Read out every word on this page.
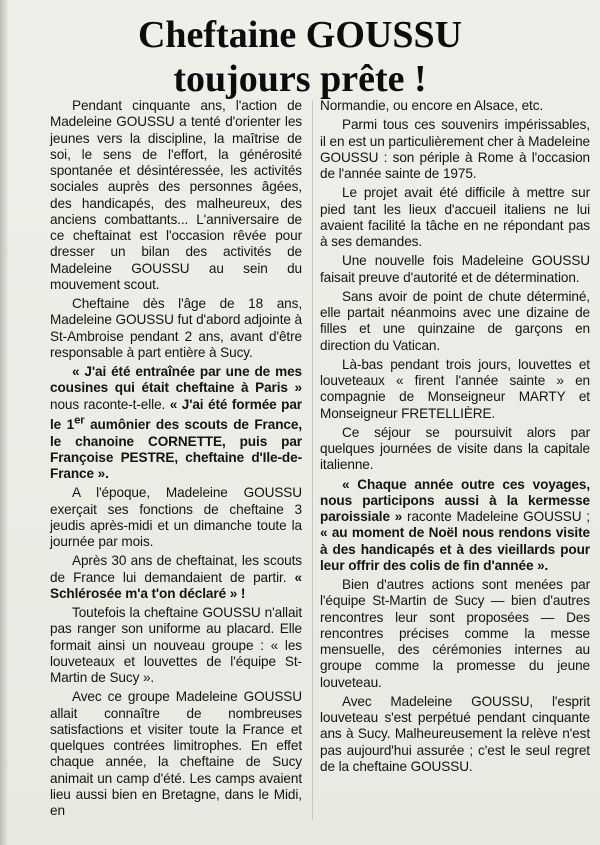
Cheftaine GOUSSU
toujours prête !

Pendant cinquante ans, l'action de Madeleine GOUSSU a tenté d'orienter les jeunes vers la discipline, la maîtrise de soi, le sens de l'effort, la générosité spontanée et désintéressée, les activités sociales auprès des personnes âgées, des handicapés, des malheureux, des anciens combattants... L'anniversaire de ce cheftainat est l'occasion rêvée pour dresser un bilan des activités de Madeleine GOUSSU au sein du mouvement scout.

Cheftaine dès l'âge de 18 ans, Madeleine GOUSSU fut d'abord adjointe à St-Ambroise pendant 2 ans, avant d'être responsable à part entière à Sucy.

« J'ai été entraînée par une de mes cousines qui était cheftaine à Paris » nous raconte-t-elle. « J'ai été formée par le 1er aumônier des scouts de France, le chanoine CORNETTE, puis par Françoise PESTRE, cheftaine d'Ile-de-France ».

A l'époque, Madeleine GOUSSU exerçait ses fonctions de cheftaine 3 jeudis après-midi et un dimanche toute la journée par mois.

Après 30 ans de cheftainat, les scouts de France lui demandaient de partir. « Schlérosée m'a t'on déclaré » !

Toutefois la cheftaine GOUSSU n'allait pas ranger son uniforme au placard. Elle formait ainsi un nouveau groupe : « les louveteaux et louvettes de l'équipe St-Martin de Sucy ».

Avec ce groupe Madeleine GOUSSU allait connaître de nombreuses satisfactions et visiter toute la France et quelques contrées limitrophes. En effet chaque année, la cheftaine de Sucy animait un camp d'été. Les camps avaient lieu aussi bien en Bretagne, dans le Midi, en

Normandie, ou encore en Alsace, etc.

Parmi tous ces souvenirs impérissables, il en est un particulièrement cher à Madeleine GOUSSU : son périple à Rome à l'occasion de l'année sainte de 1975.

Le projet avait été difficile à mettre sur pied tant les lieux d'accueil italiens ne lui avaient facilité la tâche en ne répondant pas à ses demandes.

Une nouvelle fois Madeleine GOUSSU faisait preuve d'autorité et de détermination.

Sans avoir de point de chute déterminé, elle partait néanmoins avec une dizaine de filles et une quinzaine de garçons en direction du Vatican.

Là-bas pendant trois jours, louvettes et louveteaux « firent l'année sainte » en compagnie de Monseigneur MARTY et Monseigneur FRETELLIÈRE.

Ce séjour se poursuivit alors par quelques journées de visite dans la capitale italienne.

« Chaque année outre ces voyages, nous participons aussi à la kermesse paroissiale » raconte Madeleine GOUSSU ; « au moment de Noël nous rendons visite à des handicapés et à des vieillards pour leur offrir des colis de fin d'année ».

Bien d'autres actions sont menées par l'équipe St-Martin de Sucy — bien d'autres rencontres leur sont proposées — Des rencontres précises comme la messe mensuelle, des cérémonies internes au groupe comme la promesse du jeune louveteau.

Avec Madeleine GOUSSU, l'esprit louveteau s'est perpétué pendant cinquante ans à Sucy. Malheureusement la relève n'est pas aujourd'hui assurée ; c'est le seul regret de la cheftaine GOUSSU.
